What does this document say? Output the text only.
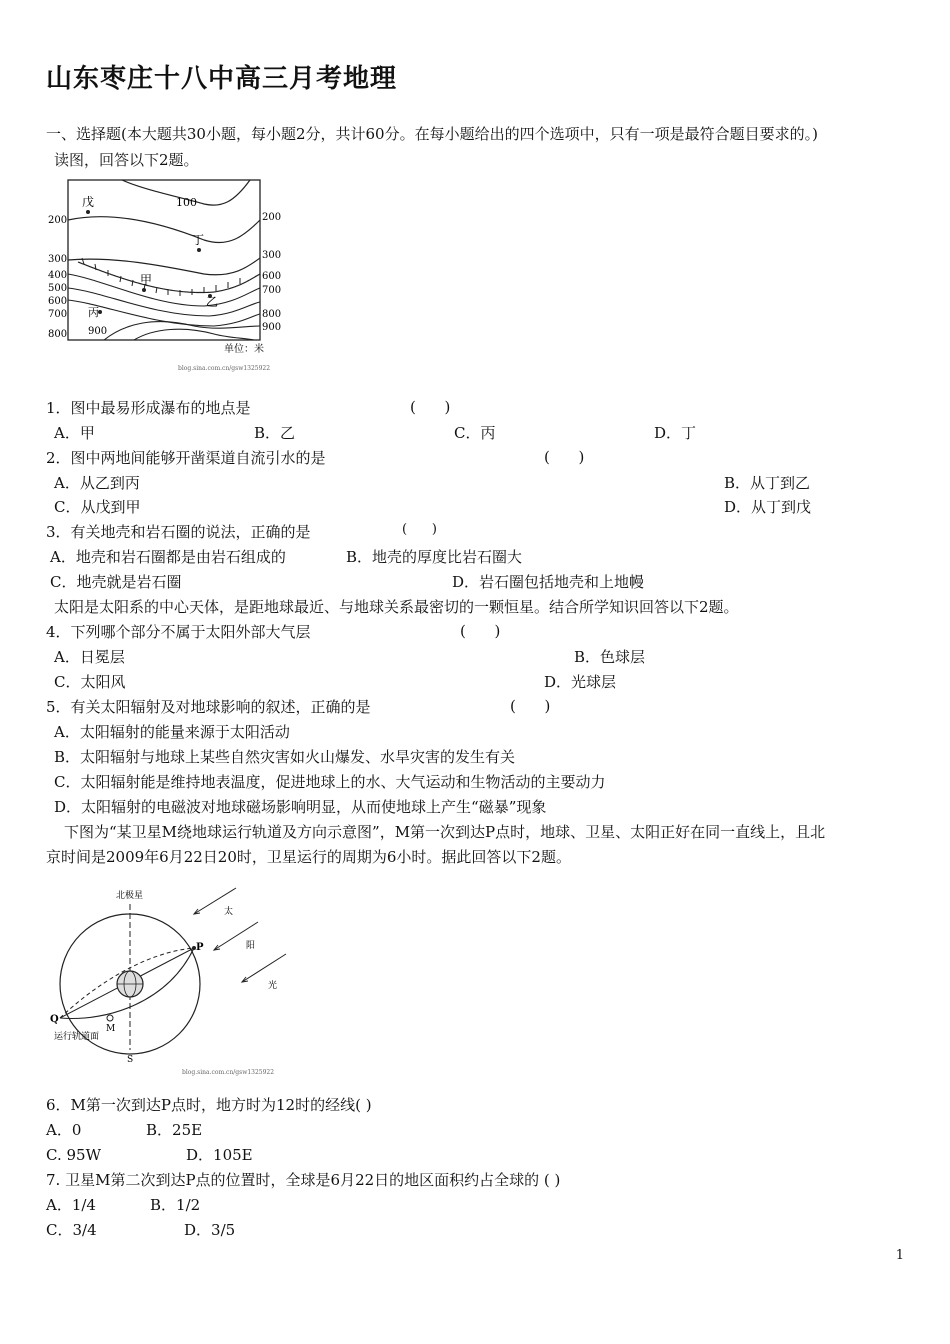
山东枣庄十八中高三月考地理
一、选择题(本大题共30小题，每小题2分，共计60分。在每小题给出的四个选项中，只有一项是最符合题目要求的。)
读图，回答以下2题。
戊
丁
甲
乙
丙
100
900
200
300
400
500
600
700
800
200
300
600
700
800
900
单位：米
blog.sina.com.cn/gsw1325922
1．图中最易形成瀑布的地点是	(      )
A．甲	B．乙	C．丙	D．丁
2．图中两地间能够开凿渠道自流引水的是	(      )
A．从乙到丙	B．从丁到乙
C．从戊到甲	D．从丁到戊
3．有关地壳和岩石圈的说法，正确的是	(      )
A．地壳和岩石圈都是由岩石组成的	B．地壳的厚度比岩石圈大
C．地壳就是岩石圈	D．岩石圈包括地壳和上地幔
太阳是太阳系的中心天体，是距地球最近、与地球关系最密切的一颗恒星。结合所学知识回答以下2题。
4．下列哪个部分不属于太阳外部大气层	(      )
A．日冕层	B．色球层
C．太阳风	D．光球层
5．有关太阳辐射及对地球影响的叙述，正确的是	(      )
A．太阳辐射的能量来源于太阳活动
B．太阳辐射与地球上某些自然灾害如火山爆发、水旱灾害的发生有关
C．太阳辐射能是维持地表温度，促进地球上的水、大气运动和生物活动的主要动力
D．太阳辐射的电磁波对地球磁场影响明显，从而使地球上产生“磁暴”现象
下图为“某卫星M绕地球运行轨道及方向示意图”，M第一次到达P点时，地球、卫星、太阳正好在同一直线上，且北
京时间是2009年6月22日20时，卫星运行的周期为6小时。据此回答以下2题。
北极星
P
Q
M
运行轨道面
S
太
阳
光
blog.sina.com.cn/gsw1325922
6．M第一次到达P点时，地方时为12时的经线( )
A．0	B．25E
C. 95W	D．105E
7. 卫星M第二次到达P点的位置时，全球是6月22日的地区面积约占全球的 ( )
A．1/4	B．1/2
C．3/4	D．3/5
1
